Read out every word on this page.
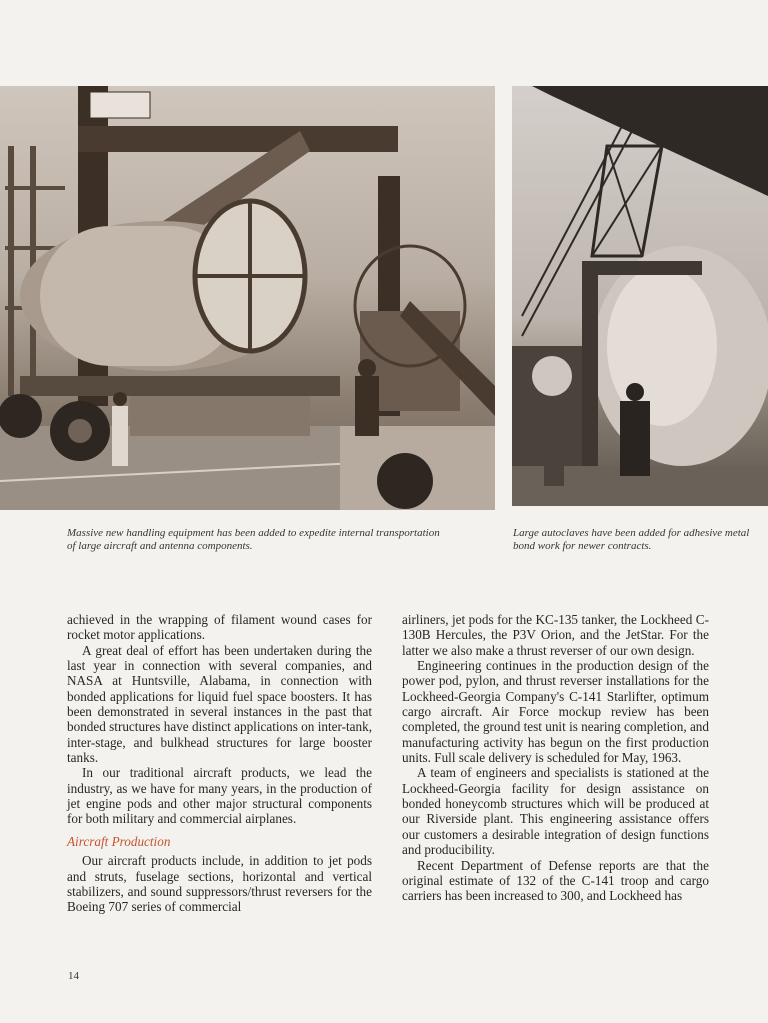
Massive new handling equipment has been added to expedite internal transportation of large aircraft and antenna components.

Large autoclaves have been added for adhesive metal bond work for newer contracts.

achieved in the wrapping of filament wound cases for rocket motor applications.

A great deal of effort has been undertaken during the last year in connection with several companies, and NASA at Huntsville, Alabama, in connection with bonded applications for liquid fuel space boosters. It has been demonstrated in several instances in the past that bonded structures have distinct applications on inter-tank, inter-stage, and bulkhead structures for large booster tanks.

In our traditional aircraft products, we lead the industry, as we have for many years, in the production of jet engine pods and other major structural components for both military and commercial airplanes.

Aircraft Production

Our aircraft products include, in addition to jet pods and struts, fuselage sections, horizontal and vertical stabilizers, and sound suppressors/thrust reversers for the Boeing 707 series of commercial

airliners, jet pods for the KC-135 tanker, the Lockheed C-130B Hercules, the P3V Orion, and the JetStar. For the latter we also make a thrust reverser of our own design.

Engineering continues in the production design of the power pod, pylon, and thrust reverser installations for the Lockheed-Georgia Company's C-141 Starlifter, optimum cargo aircraft. Air Force mockup review has been completed, the ground test unit is nearing completion, and manufacturing activity has begun on the first production units. Full scale delivery is scheduled for May, 1963.

A team of engineers and specialists is stationed at the Lockheed-Georgia facility for design assistance on bonded honeycomb structures which will be produced at our Riverside plant. This engineering assistance offers our customers a desirable integration of design functions and producibility.

Recent Department of Defense reports are that the original estimate of 132 of the C-141 troop and cargo carriers has been increased to 300, and Lockheed has

14
